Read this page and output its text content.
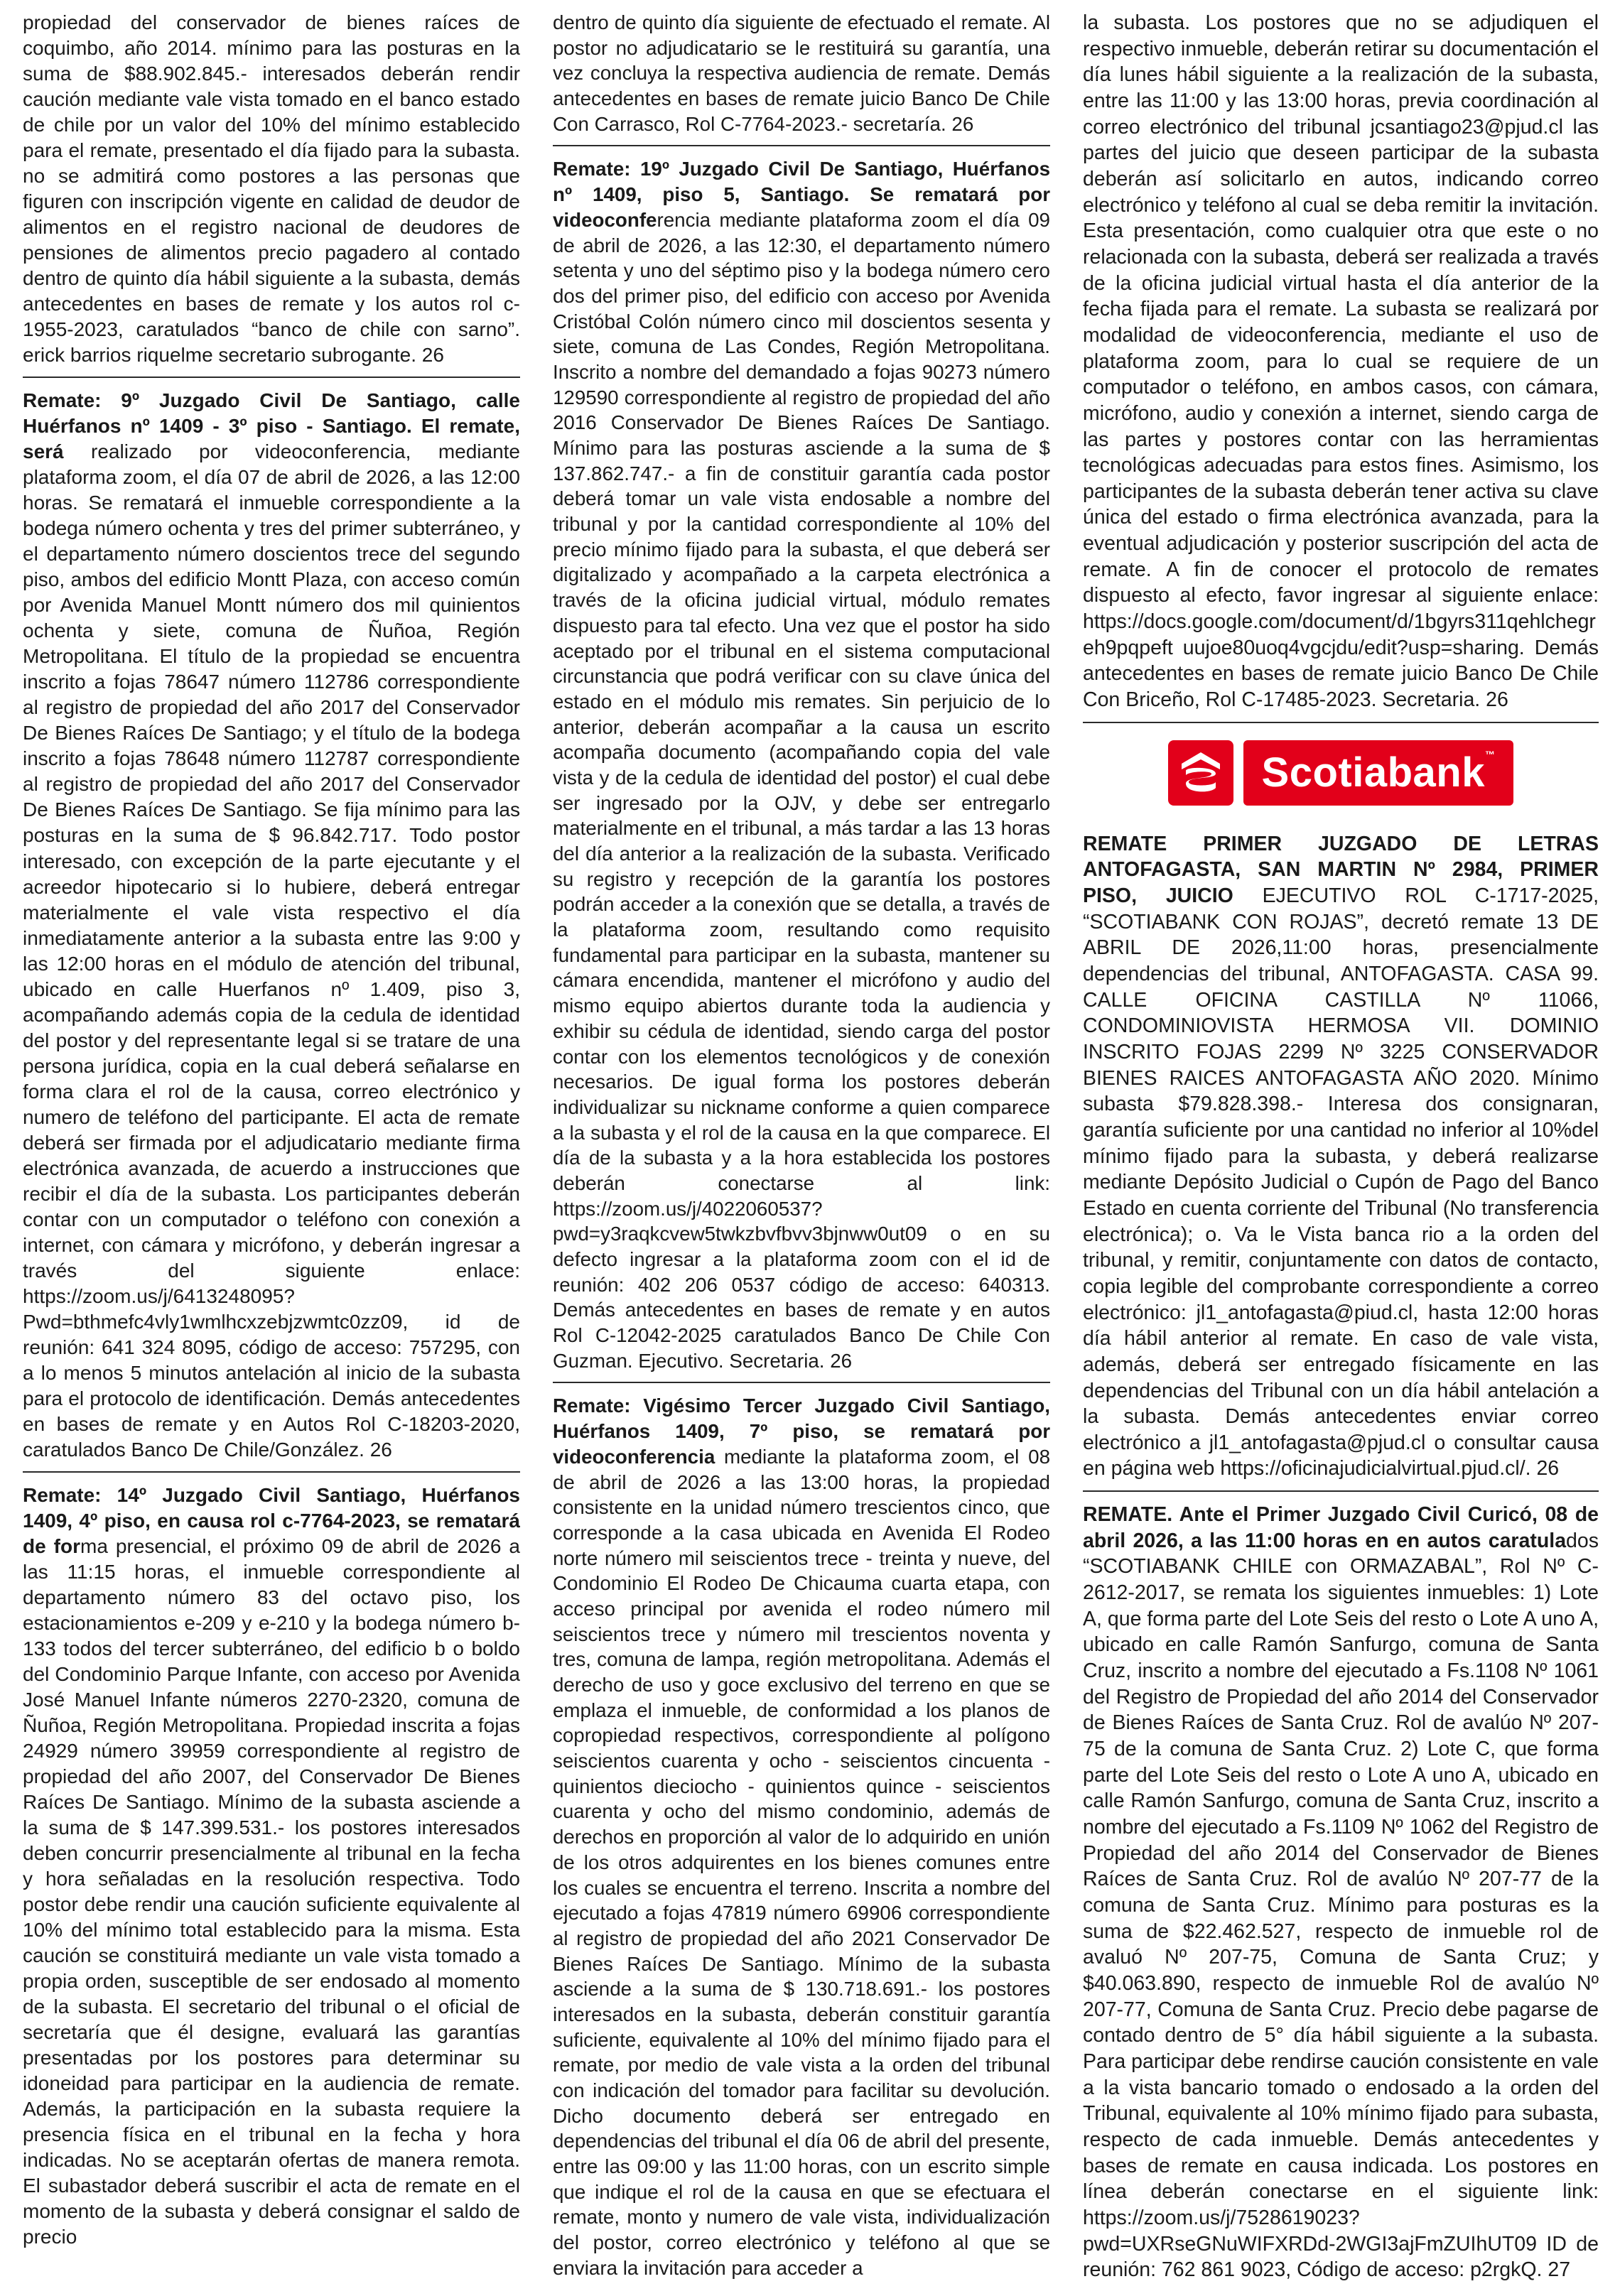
propiedad del conservador de bienes raíces de coquimbo, año 2014. mínimo para las posturas en la suma de $88.902.845.- interesados deberán rendir caución mediante vale vista tomado en el banco estado de chile por un valor del 10% del mínimo establecido para el remate, presentado el día fijado para la subasta. no se admitirá como postores a las personas que figuren con inscripción vigente en calidad de deudor de alimentos en el registro nacional de deudores de pensiones de alimentos precio pagadero al contado dentro de quinto día hábil siguiente a la subasta, demás antecedentes en bases de remate y los autos rol c-1955-2023, caratulados “banco de chile con sarno”. erick barrios riquelme secretario subrogante. 26

Remate: 9º Juzgado Civil De Santiago, calle Huérfanos nº 1409 - 3º piso - Santiago. El remate, será realizado por videoconferencia, mediante plataforma zoom, el día 07 de abril de 2026, a las 12:00 horas. Se rematará el inmueble correspondiente a la bodega número ochenta y tres del primer subterráneo, y el departamento número doscientos trece del segundo piso, ambos del edificio Montt Plaza, con acceso común por Avenida Manuel Montt número dos mil quinientos ochenta y siete, comuna de Ñuñoa, Región Metropolitana. El título de la propiedad se encuentra inscrito a fojas 78647 número 112786 correspondiente al registro de propiedad del año 2017 del Conservador De Bienes Raíces De Santiago; y el título de la bodega inscrito a fojas 78648 número 112787 correspondiente al registro de propiedad del año 2017 del Conservador De Bienes Raíces De Santiago. Se fija mínimo para las posturas en la suma de $ 96.842.717. Todo postor interesado, con excepción de la parte ejecutante y el acreedor hipotecario si lo hubiere, deberá entregar materialmente el vale vista respectivo el día inmediatamente anterior a la subasta entre las 9:00 y las 12:00 horas en el módulo de atención del tribunal, ubicado en calle Huerfanos nº 1.409, piso 3, acompañando además copia de la cedula de identidad del postor y del representante legal si se tratare de una persona jurídica, copia en la cual deberá señalarse en forma clara el rol de la causa, correo electrónico y numero de teléfono del participante. El acta de remate deberá ser firmada por el adjudicatario mediante firma electrónica avanzada, de acuerdo a instrucciones que recibir el día de la subasta. Los participantes deberán contar con un computador o teléfono con conexión a internet, con cámara y micrófono, y deberán ingresar a través del siguiente enlace: https://zoom.us/j/6413248095?Pwd=bthmefc4vly1wmlhcxzebjzwmtc0zz09, id de reunión: 641 324 8095, código de acceso: 757295, con a lo menos 5 minutos antelación al inicio de la subasta para el protocolo de identificación. Demás antecedentes en bases de remate y en Autos Rol C-18203-2020, caratulados Banco De Chile/González. 26

Remate: 14º Juzgado Civil Santiago, Huérfanos 1409, 4º piso, en causa rol c-7764-2023, se rematará de forma presencial, el próximo 09 de abril de 2026 a las 11:15 horas, el inmueble correspondiente al departamento número 83 del octavo piso, los estacionamientos e-209 y e-210 y la bodega número b-133 todos del tercer subterráneo, del edificio b o boldo del Condominio Parque Infante, con acceso por Avenida José Manuel Infante números 2270-2320, comuna de Ñuñoa, Región Metropolitana. Propiedad inscrita a fojas 24929 número 39959 correspondiente al registro de propiedad del año 2007, del Conservador De Bienes Raíces De Santiago. Mínimo de la subasta asciende a la suma de $ 147.399.531.- los postores interesados deben concurrir presencialmente al tribunal en la fecha y hora señaladas en la resolución respectiva. Todo postor debe rendir una caución suficiente equivalente al 10% del mínimo total establecido para la misma. Esta caución se constituirá mediante un vale vista tomado a propia orden, susceptible de ser endosado al momento de la subasta. El secretario del tribunal o el oficial de secretaría que él designe, evaluará las garantías presentadas por los postores para determinar su idoneidad para participar en la audiencia de remate. Además, la participación en la subasta requiere la presencia física en el tribunal en la fecha y hora indicadas. No se aceptarán ofertas de manera remota. El subastador deberá suscribir el acta de remate en el momento de la subasta y deberá consignar el saldo de precio

dentro de quinto día siguiente de efectuado el remate. Al postor no adjudicatario se le restituirá su garantía, una vez concluya la respectiva audiencia de remate. Demás antecedentes en bases de remate juicio Banco De Chile Con Carrasco, Rol C-7764-2023.- secretaría. 26

Remate: 19º Juzgado Civil De Santiago, Huérfanos nº 1409, piso 5, Santiago. Se rematará por videoconferencia mediante plataforma zoom el día 09 de abril de 2026, a las 12:30, el departamento número setenta y uno del séptimo piso y la bodega número cero dos del primer piso, del edificio con acceso por Avenida Cristóbal Colón número cinco mil doscientos sesenta y siete, comuna de Las Condes, Región Metropolitana. Inscrito a nombre del demandado a fojas 90273 número 129590 correspondiente al registro de propiedad del año 2016 Conservador De Bienes Raíces De Santiago. Mínimo para las posturas asciende a la suma de $ 137.862.747.- a fin de constituir garantía cada postor deberá tomar un vale vista endosable a nombre del tribunal y por la cantidad correspondiente al 10% del precio mínimo fijado para la subasta, el que deberá ser digitalizado y acompañado a la carpeta electrónica a través de la oficina judicial virtual, módulo remates dispuesto para tal efecto. Una vez que el postor ha sido aceptado por el tribunal en el sistema computacional circunstancia que podrá verificar con su clave única del estado en el módulo mis remates. Sin perjuicio de lo anterior, deberán acompañar a la causa un escrito acompaña documento (acompañando copia del vale vista y de la cedula de identidad del postor) el cual debe ser ingresado por la OJV, y debe ser entregarlo materialmente en el tribunal, a más tardar a las 13 horas del día anterior a la realización de la subasta. Verificado su registro y recepción de la garantía los postores podrán acceder a la conexión que se detalla, a través de la plataforma zoom, resultando como requisito fundamental para participar en la subasta, mantener su cámara encendida, mantener el micrófono y audio del mismo equipo abiertos durante toda la audiencia y exhibir su cédula de identidad, siendo carga del postor contar con los elementos tecnológicos y de conexión necesarios. De igual forma los postores deberán individualizar su nickname conforme a quien comparece a la subasta y el rol de la causa en la que comparece. El día de la subasta y a la hora establecida los postores deberán conectarse al link: https://zoom.us/j/4022060537?pwd=y3raqkcvew5twkzbvfbvv3bjnww0ut09 o en su defecto ingresar a la plataforma zoom con el id de reunión: 402 206 0537 código de acceso: 640313. Demás antecedentes en bases de remate y en autos Rol C-12042-2025 caratulados Banco De Chile Con Guzman. Ejecutivo. Secretaria. 26

Remate: Vigésimo Tercer Juzgado Civil Santiago, Huérfanos 1409, 7º piso, se rematará por videoconferencia mediante la plataforma zoom, el 08 de abril de 2026 a las 13:00 horas, la propiedad consistente en la unidad número trescientos cinco, que corresponde a la casa ubicada en Avenida El Rodeo norte número mil seiscientos trece - treinta y nueve, del Condominio El Rodeo De Chicauma cuarta etapa, con acceso principal por avenida el rodeo número mil seiscientos trece y número mil trescientos noventa y tres, comuna de lampa, región metropolitana. Además el derecho de uso y goce exclusivo del terreno en que se emplaza el inmueble, de conformidad a los planos de copropiedad respectivos, correspondiente al polígono seiscientos cuarenta y ocho - seiscientos cincuenta - quinientos dieciocho - quinientos quince - seiscientos cuarenta y ocho del mismo condominio, además de derechos en proporción al valor de lo adquirido en unión de los otros adquirentes en los bienes comunes entre los cuales se encuentra el terreno. Inscrita a nombre del ejecutado a fojas 47819 número 69906 correspondiente al registro de propiedad del año 2021 Conservador De Bienes Raíces De Santiago. Mínimo de la subasta asciende a la suma de $ 130.718.691.- los postores interesados en la subasta, deberán constituir garantía suficiente, equivalente al 10% del mínimo fijado para el remate, por medio de vale vista a la orden del tribunal con indicación del tomador para facilitar su devolución. Dicho documento deberá ser entregado en dependencias del tribunal el día 06 de abril del presente, entre las 09:00 y las 11:00 horas, con un escrito simple que indique el rol de la causa en que se efectuara el remate, monto y numero de vale vista, individualización del postor, correo electrónico y teléfono al que se enviara la invitación para acceder a

la subasta. Los postores que no se adjudiquen el respectivo inmueble, deberán retirar su documentación el día lunes hábil siguiente a la realización de la subasta, entre las 11:00 y las 13:00 horas, previa coordinación al correo electrónico del tribunal jcsantiago23@pjud.cl las partes del juicio que deseen participar de la subasta deberán así solicitarlo en autos, indicando correo electrónico y teléfono al cual se deba remitir la invitación. Esta presentación, como cualquier otra que este o no relacionada con la subasta, deberá ser realizada a través de la oficina judicial virtual hasta el día anterior de la fecha fijada para el remate. La subasta se realizará por modalidad de videoconferencia, mediante el uso de plataforma zoom, para lo cual se requiere de un computador o teléfono, en ambos casos, con cámara, micrófono, audio y conexión a internet, siendo carga de las partes y postores contar con las herramientas tecnológicas adecuadas para estos fines. Asimismo, los participantes de la subasta deberán tener activa su clave única del estado o firma electrónica avanzada, para la eventual adjudicación y posterior suscripción del acta de remate. A fin de conocer el protocolo de remates dispuesto al efecto, favor ingresar al siguiente enlace: https://docs.google.com/document/d/1bgyrs311qehlchegreh9pqpeft uujoe80uoq4vgcjdu/edit?usp=sharing. Demás antecedentes en bases de remate juicio Banco De Chile Con Briceño, Rol C-17485-2023. Secretaria. 26

Scotiabank™

REMATE PRIMER JUZGADO DE LETRAS ANTOFAGASTA, SAN MARTIN Nº 2984, PRIMER PISO, JUICIO EJECUTIVO ROL C-1717-2025, “SCOTIABANK CON ROJAS”, decretó remate 13 DE ABRIL DE 2026,11:00 horas, presencialmente dependencias del tribunal, ANTOFAGASTA. CASA 99. CALLE OFICINA CASTILLA Nº 11066, CONDOMINIOVISTA HERMOSA VII. DOMINIO INSCRITO FOJAS 2299 Nº 3225 CONSERVADOR BIENES RAICES ANTOFAGASTA AÑO 2020. Mínimo subasta $79.828.398.- Interesa dos consignaran, garantía suficiente por una cantidad no inferior al 10%del mínimo fijado para la subasta, y deberá realizarse mediante Depósito Judicial o Cupón de Pago del Banco Estado en cuenta corriente del Tribunal (No transferencia electrónica); o. Va le Vista banca rio a la orden del tribunal, y remitir, conjuntamente con datos de contacto, copia legible del comprobante correspondiente a correo electrónico: jl1_antofagasta@piud.cl, hasta 12:00 horas día hábil anterior al remate. En caso de vale vista, además, deberá ser entregado físicamente en las dependencias del Tribunal con un día hábil antelación a la subasta. Demás antecedentes enviar correo electrónico a jl1_antofagasta@pjud.cl o consultar causa en página web https://oficinajudicialvirtual.pjud.cl/. 26

REMATE. Ante el Primer Juzgado Civil Curicó, 08 de abril 2026, a las 11:00 horas en en autos caratulados “SCOTIABANK CHILE con ORMAZABAL”, Rol Nº C-2612-2017, se remata los siguientes inmuebles: 1) Lote A, que forma parte del Lote Seis del resto o Lote A uno A, ubicado en calle Ramón Sanfurgo, comuna de Santa Cruz, inscrito a nombre del ejecutado a Fs.1108 Nº 1061 del Registro de Propiedad del año 2014 del Conservador de Bienes Raíces de Santa Cruz. Rol de avalúo Nº 207-75 de la comuna de Santa Cruz. 2) Lote C, que forma parte del Lote Seis del resto o Lote A uno A, ubicado en calle Ramón Sanfurgo, comuna de Santa Cruz, inscrito a nombre del ejecutado a Fs.1109 Nº 1062 del Registro de Propiedad del año 2014 del Conservador de Bienes Raíces de Santa Cruz. Rol de avalúo Nº 207-77 de la comuna de Santa Cruz. Mínimo para posturas es la suma de $22.462.527, respecto de inmueble rol de avaluó Nº 207-75, Comuna de Santa Cruz; y $40.063.890, respecto de inmueble Rol de avalúo Nº 207-77, Comuna de Santa Cruz. Precio debe pagarse de contado dentro de 5° día hábil siguiente a la subasta. Para participar debe rendirse caución consistente en vale a la vista bancario tomado o endosado a la orden del Tribunal, equivalente al 10% mínimo fijado para subasta, respecto de cada inmueble. Demás antecedentes y bases de remate en causa indicada. Los postores en línea deberán conectarse en el siguiente link: https://zoom.us/j/7528619023?pwd=UXRseGNuWIFXRDd-2WGI3ajFmZUIhUT09 ID de reunión: 762 861 9023, Código de acceso: p2rgkQ. 27
